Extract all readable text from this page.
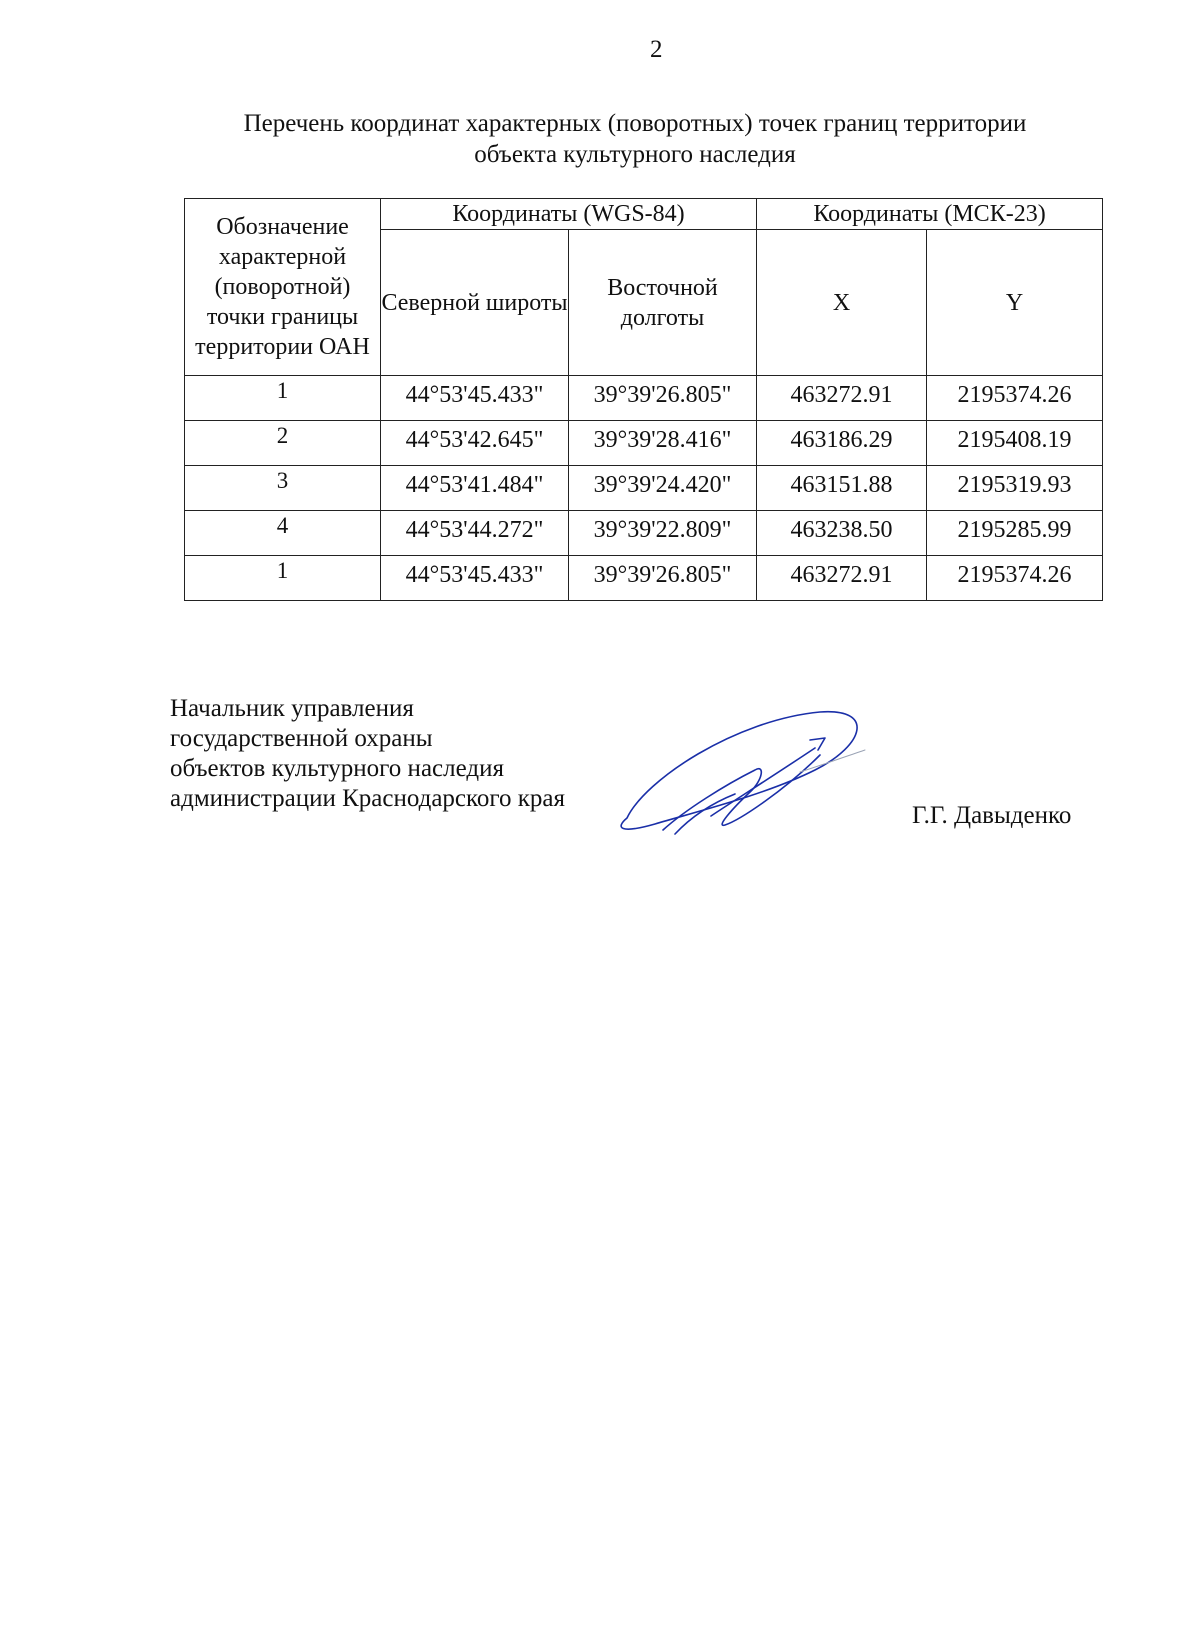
2
Перечень координат характерных (поворотных) точек границ территории
объекта культурного наследия
Обозначение характерной (поворотной) точки границы территории ОАН	Координаты (WGS-84)		Координаты (МСК-23)	
	Северной широты	Восточной долготы	X	Y
1	44°53'45.433"	39°39'26.805"	463272.91	2195374.26
2	44°53'42.645"	39°39'28.416"	463186.29	2195408.19
3	44°53'41.484"	39°39'24.420"	463151.88	2195319.93
4	44°53'44.272"	39°39'22.809"	463238.50	2195285.99
1	44°53'45.433"	39°39'26.805"	463272.91	2195374.26
Начальник управления
государственной охраны
объектов культурного наследия
администрации Краснодарского края
Г.Г. Давыденко
